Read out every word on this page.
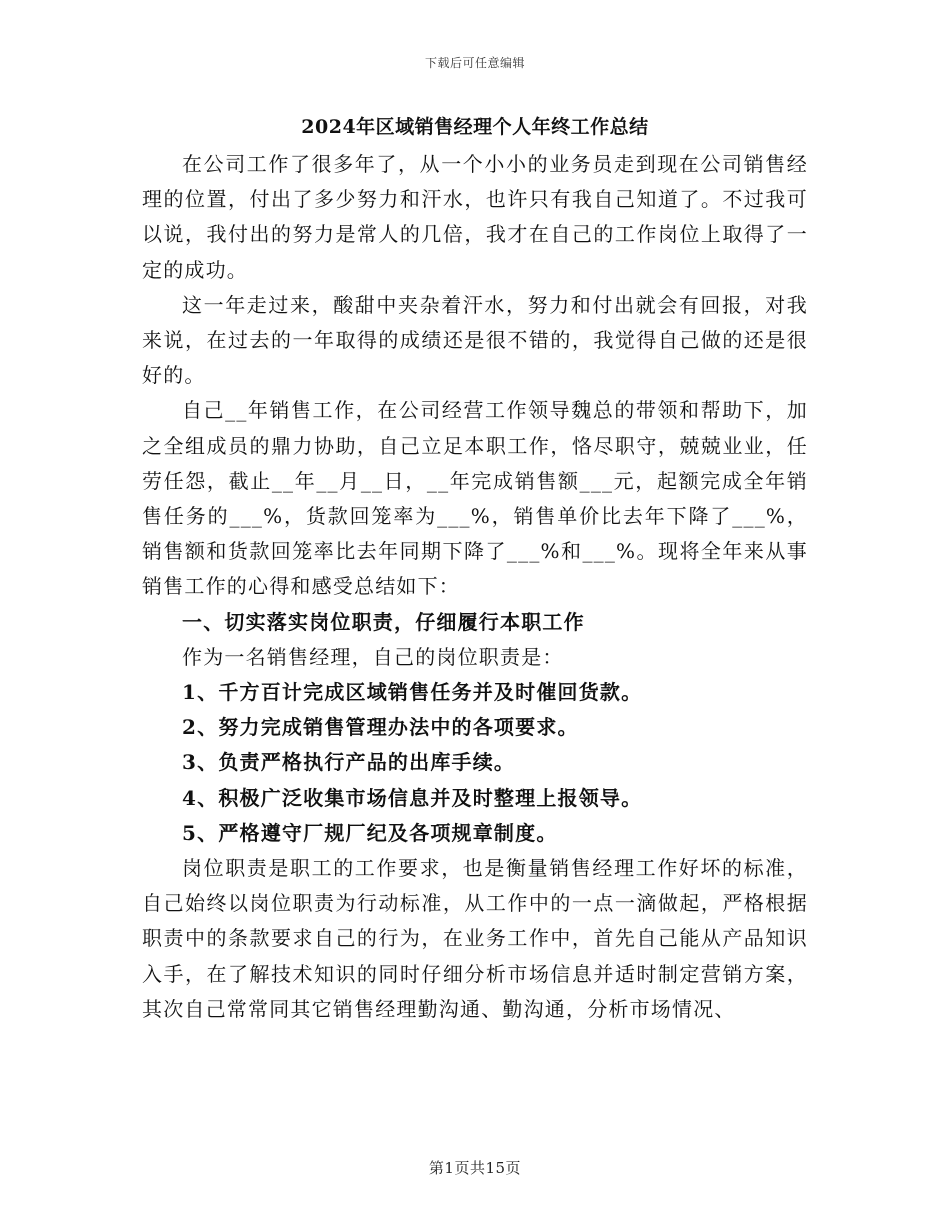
下载后可任意编辑
2024年区域销售经理个人年终工作总结

在公司工作了很多年了，从一个小小的业务员走到现在公司销售经理的位置，付出了多少努力和汗水，也许只有我自己知道了。不过我可以说，我付出的努力是常人的几倍，我才在自己的工作岗位上取得了一定的成功。

这一年走过来，酸甜中夹杂着汗水，努力和付出就会有回报，对我来说，在过去的一年取得的成绩还是很不错的，我觉得自己做的还是很好的。

自己__年销售工作，在公司经营工作领导魏总的带领和帮助下，加之全组成员的鼎力协助，自己立足本职工作，恪尽职守，兢兢业业，任劳任怨，截止__年__月__日，__年完成销售额___元，起额完成全年销售任务的___%，货款回笼率为___%，销售单价比去年下降了___%，销售额和货款回笼率比去年同期下降了___%和___%。现将全年来从事销售工作的心得和感受总结如下：

一、切实落实岗位职责，仔细履行本职工作

作为一名销售经理，自己的岗位职责是：

1、千方百计完成区域销售任务并及时催回货款。

2、努力完成销售管理办法中的各项要求。

3、负责严格执行产品的出库手续。

4、积极广泛收集市场信息并及时整理上报领导。

5、严格遵守厂规厂纪及各项规章制度。

岗位职责是职工的工作要求，也是衡量销售经理工作好坏的标准，自己始终以岗位职责为行动标准，从工作中的一点一滴做起，严格根据职责中的条款要求自己的行为，在业务工作中，首先自己能从产品知识入手，在了解技术知识的同时仔细分析市场信息并适时制定营销方案，其次自己常常同其它销售经理勤沟通、勤沟通，分析市场情况、

第1页共15页
